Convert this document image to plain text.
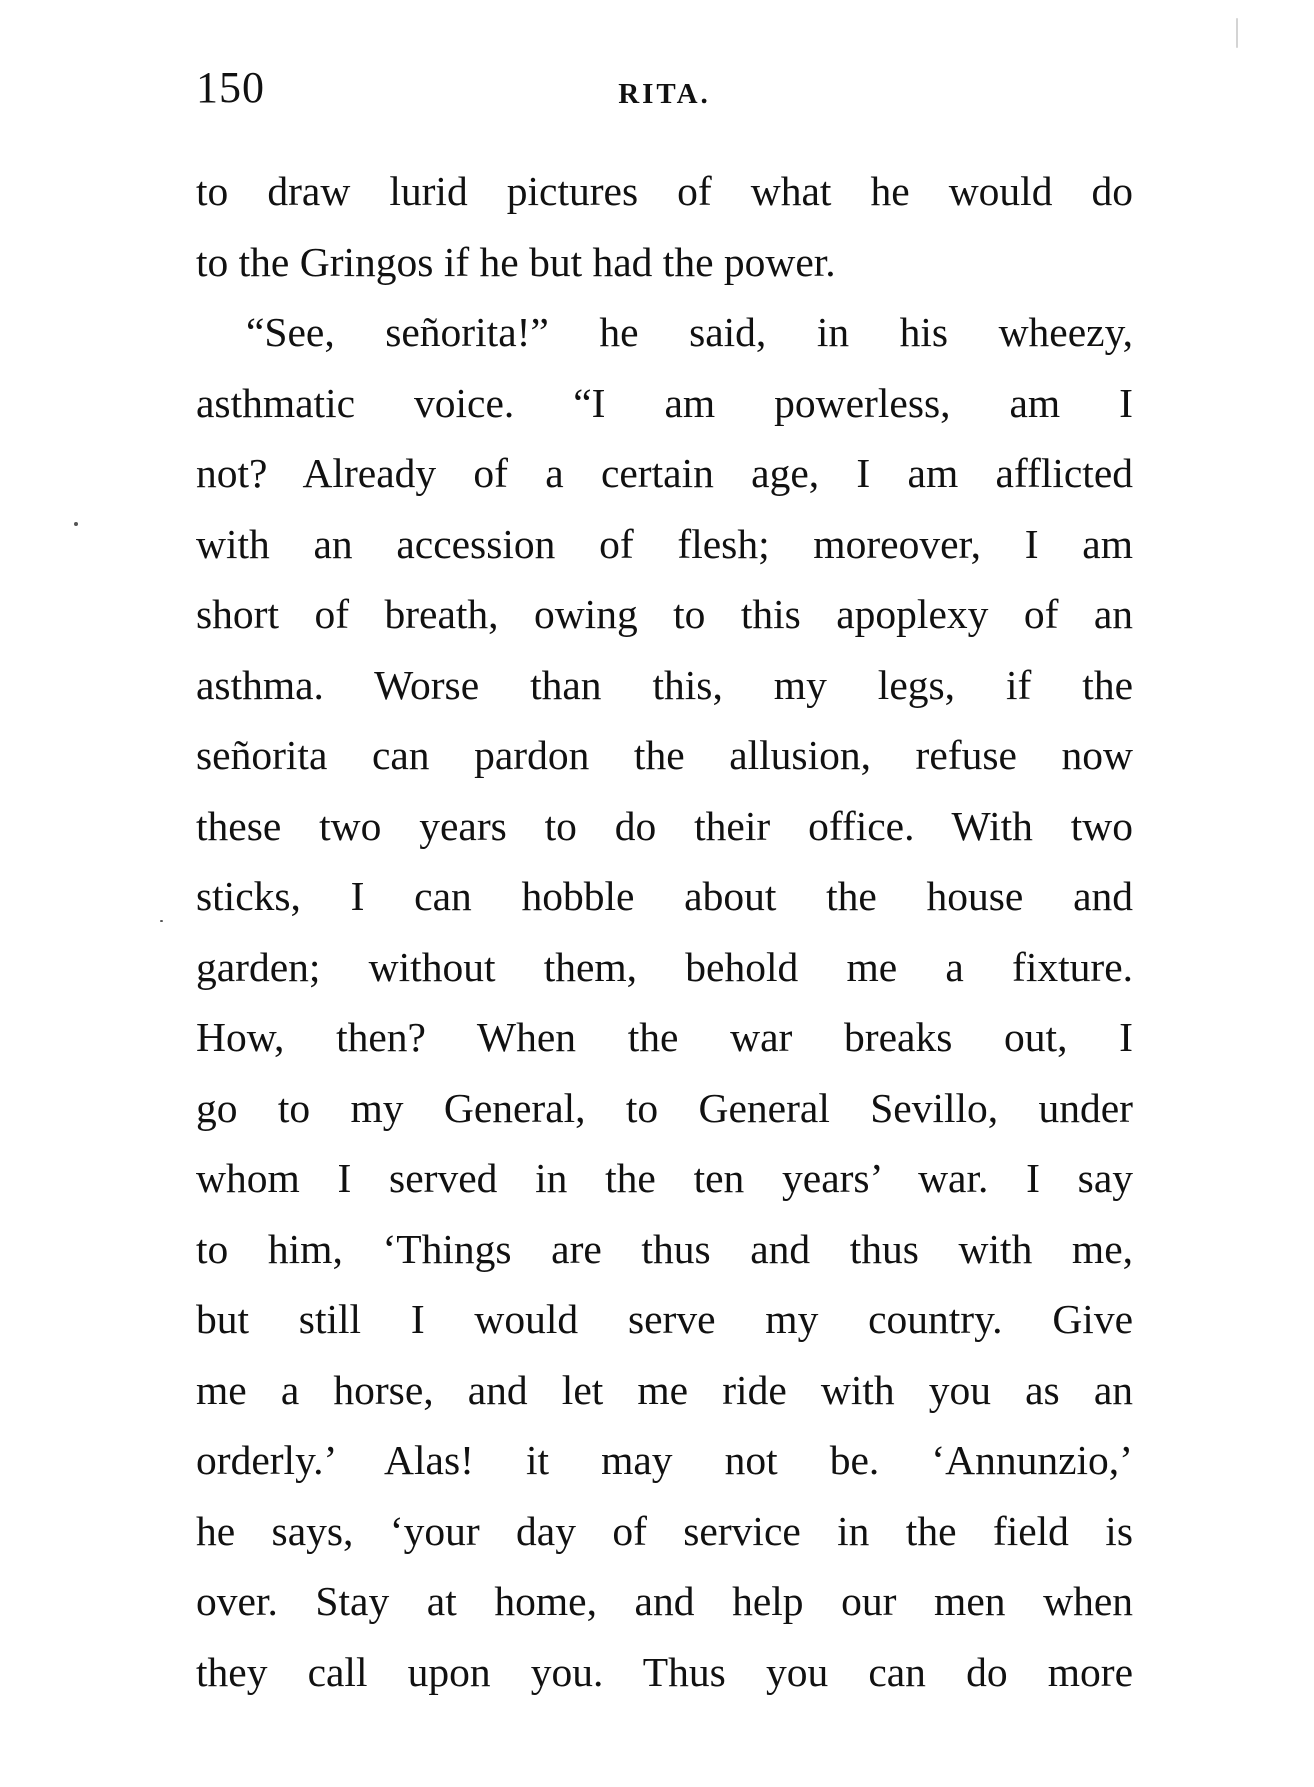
150	RITA.
to draw lurid pictures of what he would do
to the Gringos if he but had the power.
“See, señorita!” he said, in his wheezy,
asthmatic voice. “I am powerless, am I
not? Already of a certain age, I am afflicted
with an accession of flesh; moreover, I am
short of breath, owing to this apoplexy of an
asthma. Worse than this, my legs, if the
señorita can pardon the allusion, refuse now
these two years to do their office. With two
sticks, I can hobble about the house and
garden; without them, behold me a fixture.
How, then? When the war breaks out, I
go to my General, to General Sevillo, under
whom I served in the ten years’ war. I say
to him, ‘Things are thus and thus with me,
but still I would serve my country. Give
me a horse, and let me ride with you as an
orderly.’ Alas! it may not be. ‘Annunzio,’
he says, ‘your day of service in the field is
over. Stay at home, and help our men when
they call upon you. Thus you can do more
